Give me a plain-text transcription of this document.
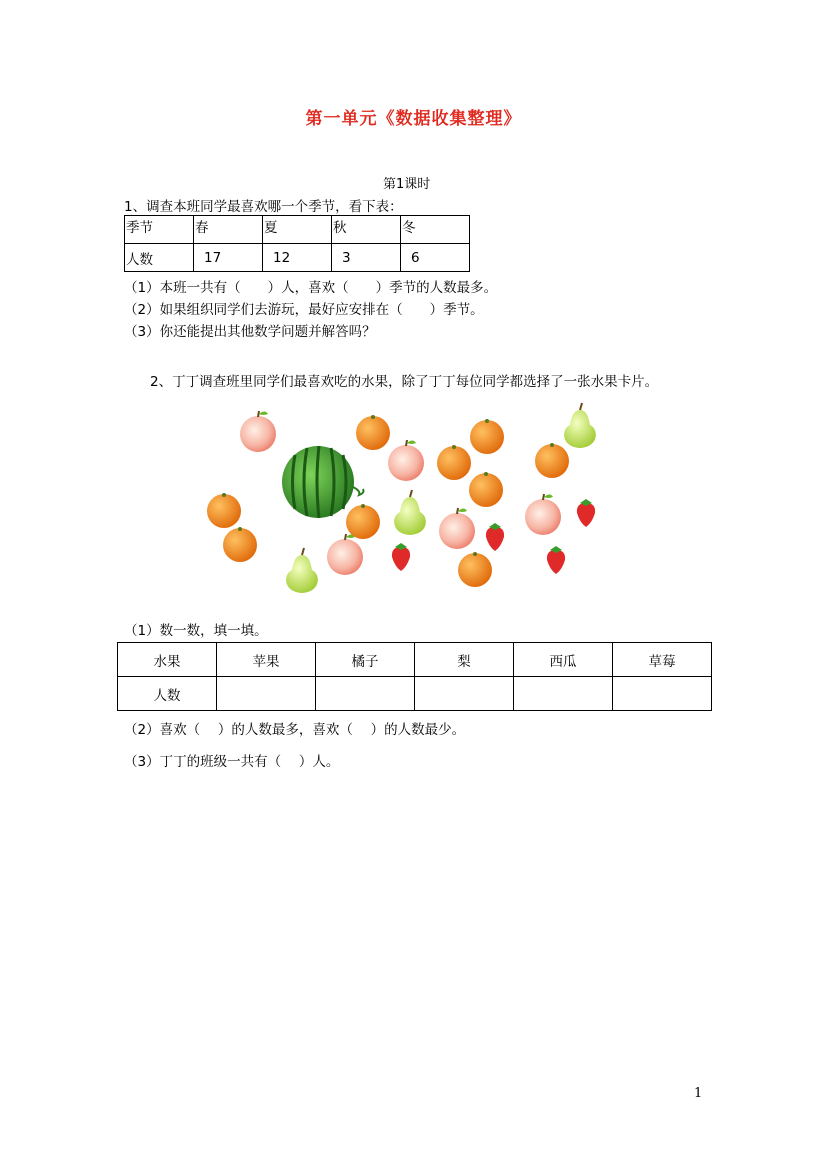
第一单元《数据收集整理》
第1课时
1、调查本班同学最喜欢哪一个季节，看下表：
季节	春	夏	秋	冬
人数	17	12	3	6
（1）本班一共有（　　）人，喜欢（　　）季节的人数最多。
（2）如果组织同学们去游玩，最好应安排在（　　）季节。
（3）你还能提出其他数学问题并解答吗？
2、丁丁调查班里同学们最喜欢吃的水果，除了丁丁每位同学都选择了一张水果卡片。
（1）数一数，填一填。
水果	苹果	橘子	梨	西瓜	草莓
人数					
（2）喜欢（　 ）的人数最多，喜欢（　 ）的人数最少。
（3）丁丁的班级一共有（　 ）人。
1
